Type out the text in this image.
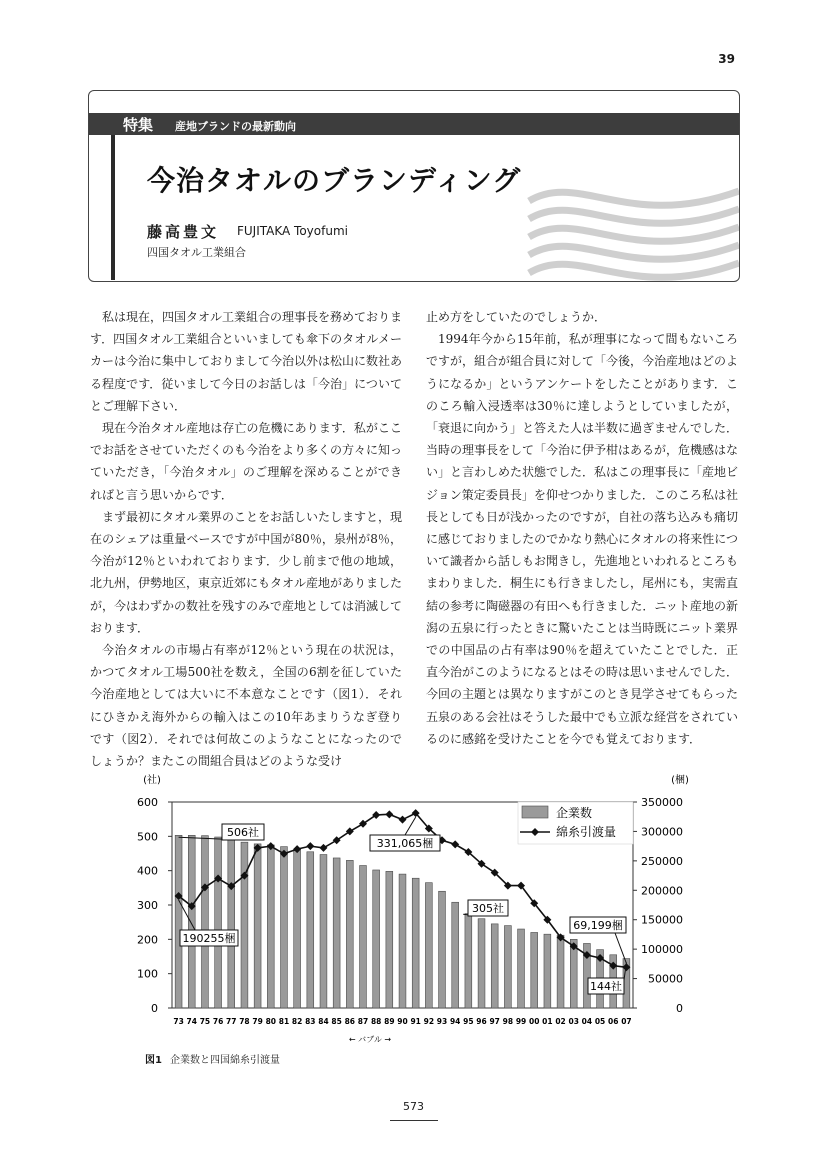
39
特集 産地ブランドの最新動向
今治タオルのブランディング
藤高豊文 FUJITAKA Toyofumi
四国タオル工業組合

私は現在，四国タオル工業組合の理事長を務めております．四国タオル工業組合といいましても傘下のタオルメーカーは今治に集中しておりまして今治以外は松山に数社ある程度です．従いまして今日のお話しは「今治」についてとご理解下さい．

現在今治タオル産地は存亡の危機にあります．私がここでお話をさせていただくのも今治をより多くの方々に知っていただき，「今治タオル」のご理解を深めることができればと言う思いからです．

まず最初にタオル業界のことをお話しいたしますと，現在のシェアは重量ベースですが中国が80％，泉州が8％，今治が12％といわれております．少し前まで他の地域，北九州，伊勢地区，東京近郊にもタオル産地がありましたが，今はわずかの数社を残すのみで産地としては消滅しております．

今治タオルの市場占有率が12％という現在の状況は，かつてタオル工場500社を数え，全国の6割を征していた今治産地としては大いに不本意なことです（図1）．それにひきかえ海外からの輸入はこの10年あまりうなぎ登りです（図2）．それでは何故このようなことになったのでしょうか？またこの間組合員はどのような受け

止め方をしていたのでしょうか．

1994年今から15年前，私が理事になって間もないころですが，組合が組合員に対して「今後，今治産地はどのようになるか」というアンケートをしたことがあります．このころ輸入浸透率は30％に達しようとしていましたが，「衰退に向かう」と答えた人は半数に過ぎませんでした．当時の理事長をして「今治に伊予柑はあるが，危機感はない」と言わしめた状態でした．私はこの理事長に「産地ビジョン策定委員長」を仰せつかりました．このころ私は社長としても日が浅かったのですが，自社の落ち込みも痛切に感じておりましたのでかなり熱心にタオルの将来性について識者から話しもお聞きし，先進地といわれるところもまわりました．桐生にも行きましたし，尾州にも，実需直結の参考に陶磁器の有田へも行きました．ニット産地の新潟の五泉に行ったときに驚いたことは当時既にニット業界での中国品の占有率は90％を超えていたことでした．正直今治がこのようになるとはその時は思いませんでした．今回の主題とは異なりますがこのとき見学させてもらった五泉のある会社はそうした最中でも立派な経営をされているのに感銘を受けたことを今でも覚えております．

(社)	(梱)
0
100
200
300
400
500
600
0
50000
100000
150000
200000
250000
300000
350000
73 74 75 76 77 78 79 80 81 82 83 84 85 86 87 88 89 90 91 92 93 94 95 96 97 98 99 00 01 02 03 04 05 06 07
506社
331,065梱
190255梱
305社
69,199梱
144社
企業数
綿糸引渡量
← バブル →
図1 企業数と四国綿糸引渡量
573
